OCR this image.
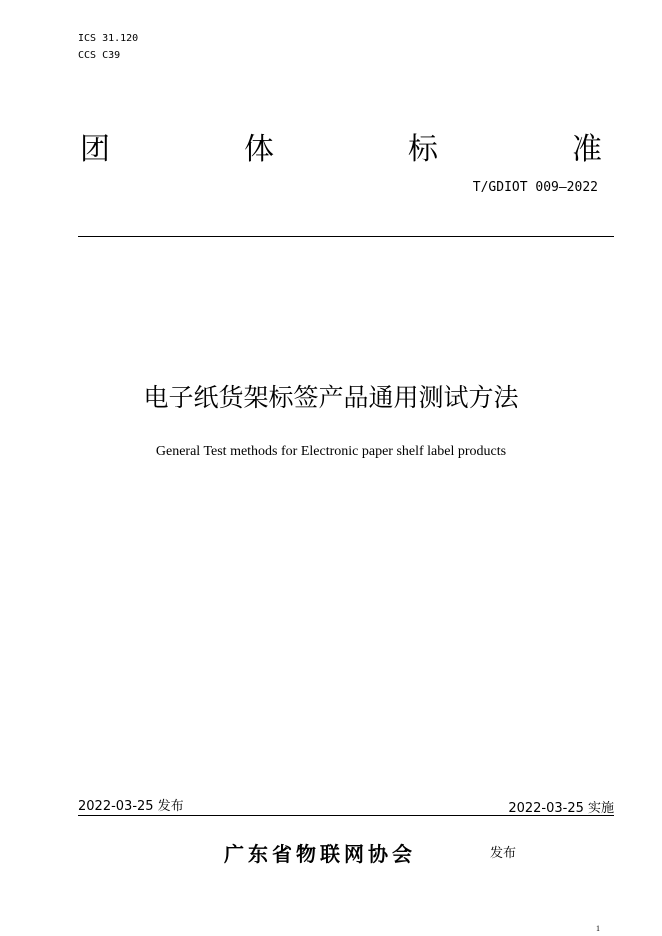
ICS 31.120
CCS C39
团	体	标	准
T/GDIOT 009—2022
电子纸货架标签产品通用测试方法
General Test methods for Electronic paper shelf label products
2022-03-25 发布	2022-03-25 实施
广东省物联网协会	发布
1
